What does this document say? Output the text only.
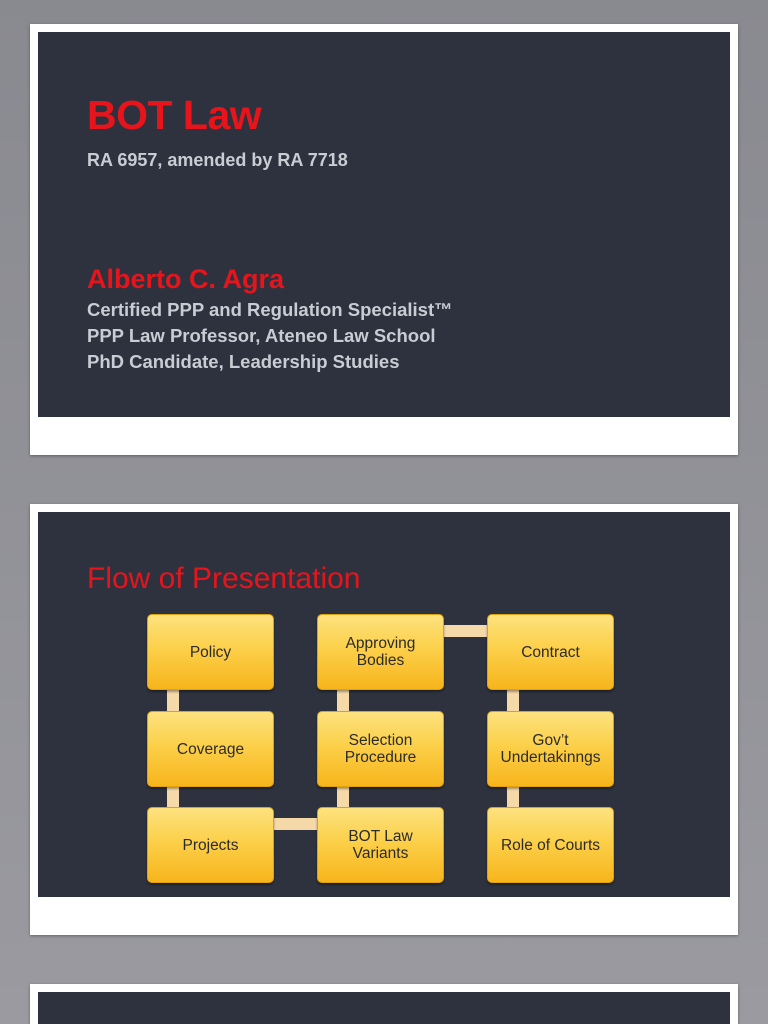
BOT Law
RA 6957, amended by RA 7718
Alberto C. Agra
Certified PPP and Regulation Specialist™
PPP Law Professor, Ateneo Law School
PhD Candidate, Leadership Studies
Flow of Presentation
Policy	Approving Bodies	Contract
Coverage	Selection Procedure
Gov’t Undertakinngs
Projects	BOT Law Variants	Role of Courts
